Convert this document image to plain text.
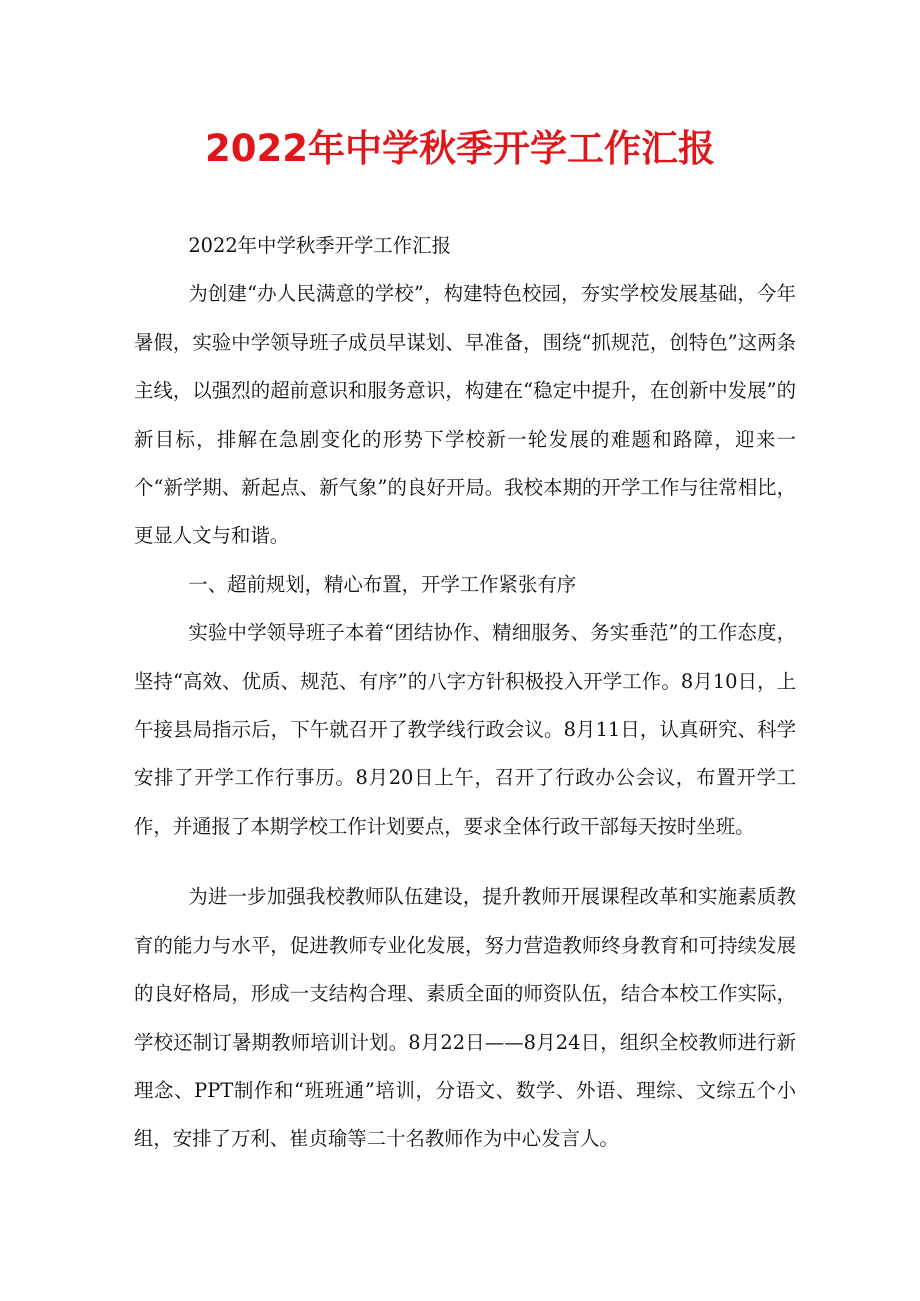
2022年中学秋季开学工作汇报

2022年中学秋季开学工作汇报

为创建“办人民满意的学校”，构建特色校园，夯实学校发展基础，今年暑假，实验中学领导班子成员早谋划、早准备，围绕“抓规范，创特色”这两条主线，以强烈的超前意识和服务意识，构建在“稳定中提升，在创新中发展”的新目标，排解在急剧变化的形势下学校新一轮发展的难题和路障，迎来一个“新学期、新起点、新气象”的良好开局。我校本期的开学工作与往常相比，更显人文与和谐。

一、超前规划，精心布置，开学工作紧张有序

实验中学领导班子本着“团结协作、精细服务、务实垂范”的工作态度，坚持“高效、优质、规范、有序”的八字方针积极投入开学工作。8月10日，上午接县局指示后，下午就召开了教学线行政会议。8月11日，认真研究、科学安排了开学工作行事历。8月20日上午，召开了行政办公会议，布置开学工作，并通报了本期学校工作计划要点，要求全体行政干部每天按时坐班。

为进一步加强我校教师队伍建设，提升教师开展课程改革和实施素质教育的能力与水平，促进教师专业化发展，努力营造教师终身教育和可持续发展的良好格局，形成一支结构合理、素质全面的师资队伍，结合本校工作实际，学校还制订暑期教师培训计划。8月22日——8月24日，组织全校教师进行新理念、PPT制作和“班班通”培训，分语文、数学、外语、理综、文综五个小组，安排了万利、崔贞瑜等二十名教师作为中心发言人。
